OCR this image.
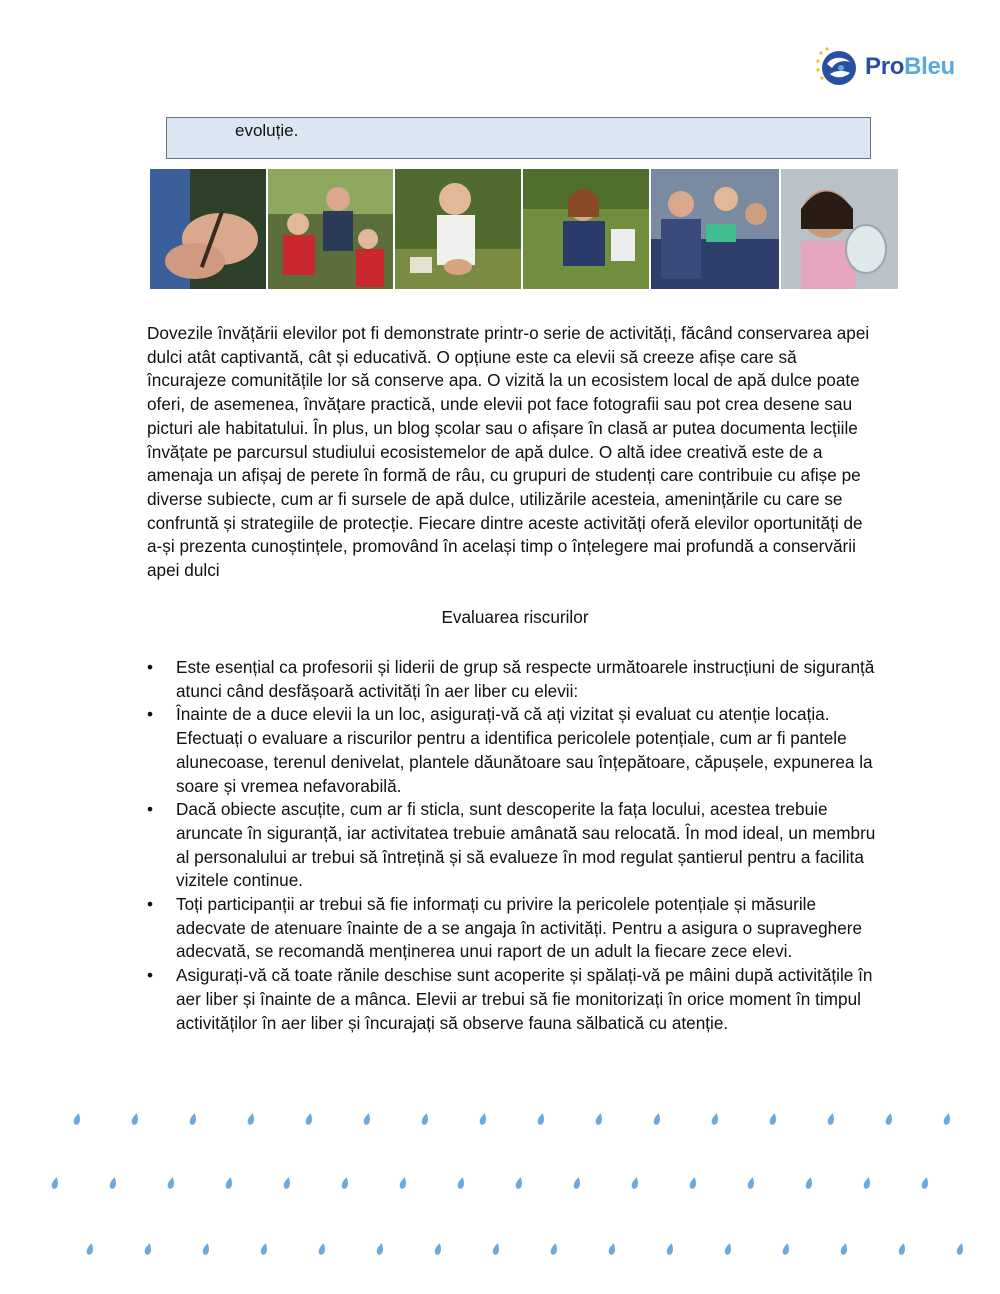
ProBleu
evoluție.

Dovezile învățării elevilor pot fi demonstrate printr-o serie de activități, făcând conservarea apei dulci atât captivantă, cât și educativă. O opțiune este ca elevii să creeze afișe care să încurajeze comunitățile lor să conserve apa. O vizită la un ecosistem local de apă dulce poate oferi, de asemenea, învățare practică, unde elevii pot face fotografii sau pot crea desene sau picturi ale habitatului. În plus, un blog școlar sau o afișare în clasă ar putea documenta lecțiile învățate pe parcursul studiului ecosistemelor de apă dulce. O altă idee creativă este de a amenaja un afișaj de perete în formă de râu, cu grupuri de studenți care contribuie cu afișe pe diverse subiecte, cum ar fi sursele de apă dulce, utilizările acesteia, amenințările cu care se confruntă și strategiile de protecție. Fiecare dintre aceste activități oferă elevilor oportunități de a-și prezenta cunoștințele, promovând în același timp o înțelegere mai profundă a conservării apei dulci

Evaluarea riscurilor

• Este esențial ca profesorii și liderii de grup să respecte următoarele instrucțiuni de siguranță atunci când desfășoară activități în aer liber cu elevii:
• Înainte de a duce elevii la un loc, asigurați-vă că ați vizitat și evaluat cu atenție locația. Efectuați o evaluare a riscurilor pentru a identifica pericolele potențiale, cum ar fi pantele alunecoase, terenul denivelat, plantele dăunătoare sau înțepătoare, căpușele, expunerea la soare și vremea nefavorabilă.
• Dacă obiecte ascuțite, cum ar fi sticla, sunt descoperite la fața locului, acestea trebuie aruncate în siguranță, iar activitatea trebuie amânată sau relocată. În mod ideal, un membru al personalului ar trebui să întrețină și să evalueze în mod regulat șantierul pentru a facilita vizitele continue.
• Toți participanții ar trebui să fie informați cu privire la pericolele potențiale și măsurile adecvate de atenuare înainte de a se angaja în activități. Pentru a asigura o supraveghere adecvată, se recomandă menținerea unui raport de un adult la fiecare zece elevi.
• Asigurați-vă că toate rănile deschise sunt acoperite și spălați-vă pe mâini după activitățile în aer liber și înainte de a mânca. Elevii ar trebui să fie monitorizați în orice moment în timpul activităților în aer liber și încurajați să observe fauna sălbatică cu atenție.
